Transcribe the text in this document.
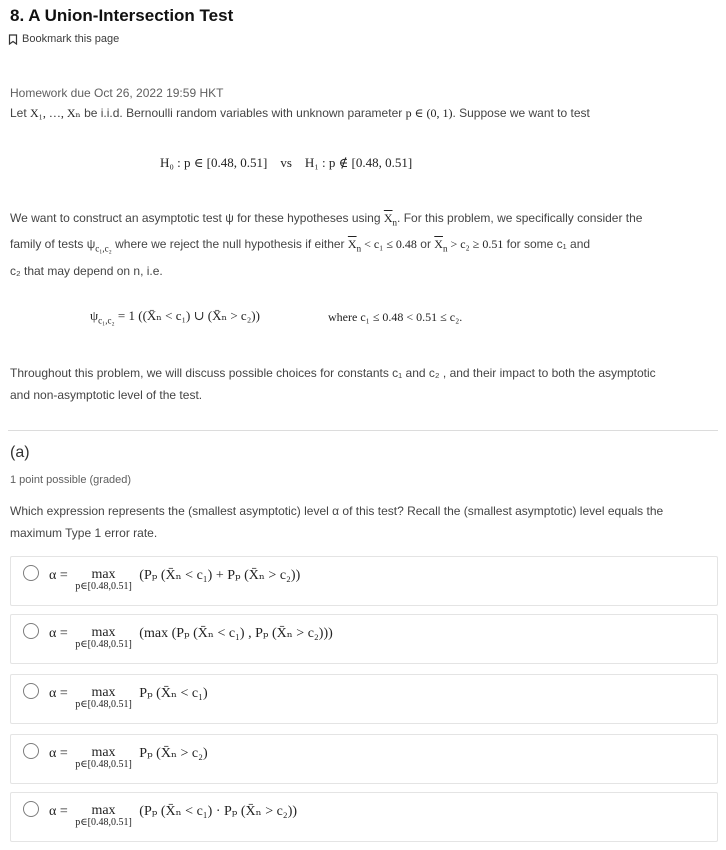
8. A Union-Intersection Test
Bookmark this page
Homework due Oct 26, 2022 19:59 HKT
Let X₁, …, Xₙ be i.i.d. Bernoulli random variables with unknown parameter p ∈ (0, 1). Suppose we want to test
H₀ : p ∈ [0.48, 0.51]    vs    H₁ : p ∉ [0.48, 0.51]
We want to construct an asymptotic test ψ for these hypotheses using $\overline{X}_n$. For this problem, we specifically consider the
family of tests $\psi_{c_1,c_2}$ where we reject the null hypothesis if either $\overline{X}_n < c_1 \le 0.48$ or $\overline{X}_n > c_2 \ge 0.51$ for some c₁ and
c₂ that may depend on n, i.e.
$\psi_{c_1,c_2} = 1$ ((X̄ₙ < c₁) ∪ (X̄ₙ > c₂))	where c₁ ≤ 0.48 < 0.51 ≤ c₂.
Throughout this problem, we will discuss possible choices for constants c₁ and c₂ , and their impact to both the asymptotic
and non-asymptotic level of the test.
(a)
1 point possible (graded)
Which expression represents the (smallest asymptotic) level α of this test? Recall the (smallest asymptotic) level equals the
maximum Type 1 error rate.
α = max
p∈[0.48,0.51]
(Pₚ (X̄ₙ < c₁) + Pₚ (X̄ₙ > c₂))
α = max
p∈[0.48,0.51]
(max (Pₚ (X̄ₙ < c₁) , Pₚ (X̄ₙ > c₂)))
α = max
p∈[0.48,0.51]
Pₚ (X̄ₙ < c₁)
α = max
p∈[0.48,0.51]
Pₚ (X̄ₙ > c₂)
α = max
p∈[0.48,0.51]
(Pₚ (X̄ₙ < c₁) · Pₚ (X̄ₙ > c₂))
